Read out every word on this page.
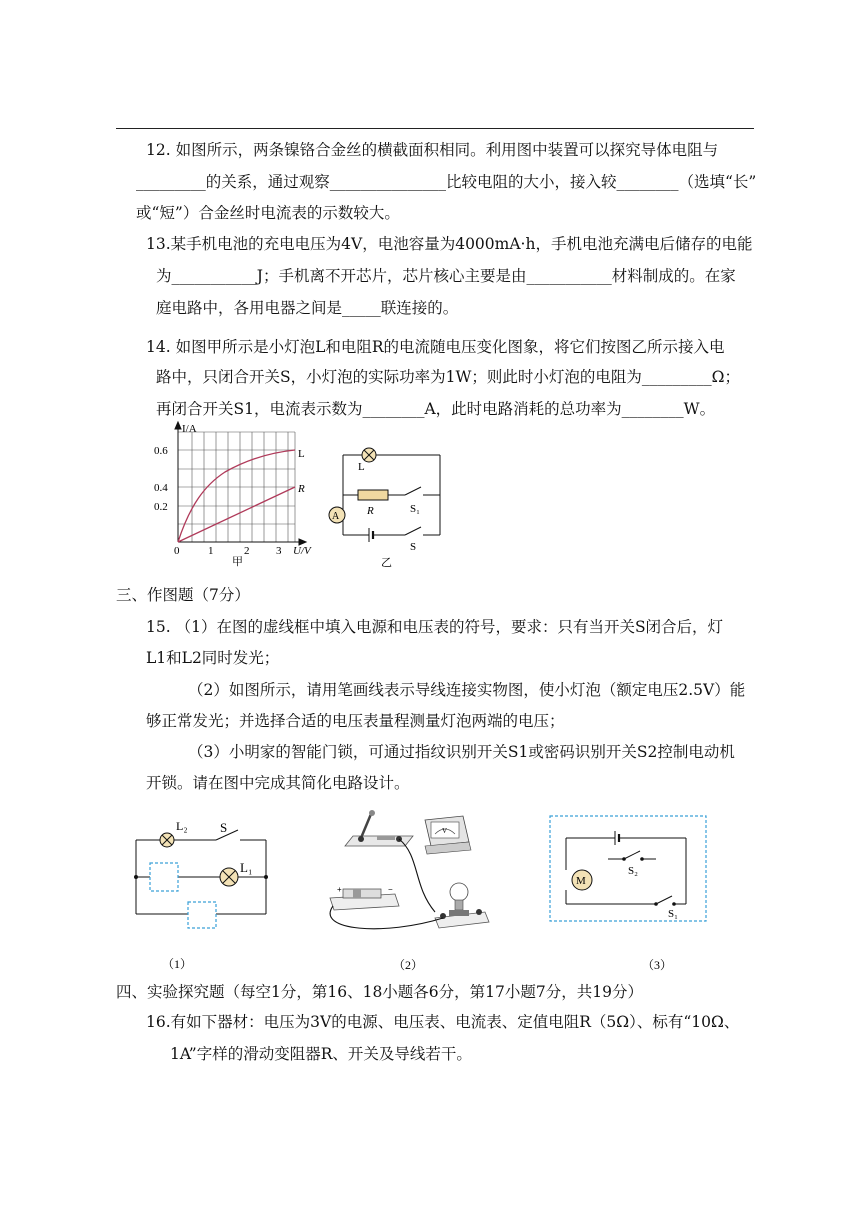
12. 如图所示，两条镍铬合金丝的横截面积相同。利用图中装置可以探究导体电阻与
_________的关系，通过观察_______________比较电阻的大小，接入较________（选填“长”
或“短”）合金丝时电流表的示数较大。
13.某手机电池的充电电压为4V，电池容量为4000mA·h，手机电池充满电后储存的电能
为___________J；手机离不开芯片，芯片核心主要是由___________材料制成的。在家
庭电路中，各用电器之间是_____联连接的。
14. 如图甲所示是小灯泡L和电阻R的电流随电压变化图象，将它们按图乙所示接入电
路中，只闭合开关S，小灯泡的实际功率为1W；则此时小灯泡的电阻为_________Ω；
再闭合开关S1，电流表示数为________A，此时电路消耗的总功率为________W。
I/A
0.6
0.4
0.2
0	1	2 3 U/V
L
R
甲
A
L
R	S₁
S
乙
三、作图题（7分）
15. （1）在图的虚线框中填入电源和电压表的符号，要求：只有当开关S闭合后，灯
L1和L2同时发光；
（2）如图所示，请用笔画线表示导线连接实物图，使小灯泡（额定电压2.5V）能
够正常发光；并选择合适的电压表量程测量灯泡两端的电压；
（3）小明家的智能门锁，可通过指纹识别开关S1或密码识别开关S2控制电动机
开锁。请在图中完成其简化电路设计。
L₂ S
L₁
（1）
V
+	−
（2）
M
S₂
S₁
（3）
四、实验探究题（每空1分，第16、18小题各6分，第17小题7分，共19分）
16.有如下器材：电压为3V的电源、电压表、电流表、定值电阻R（5Ω）、标有“10Ω、
1A”字样的滑动变阻器R、开关及导线若干。
